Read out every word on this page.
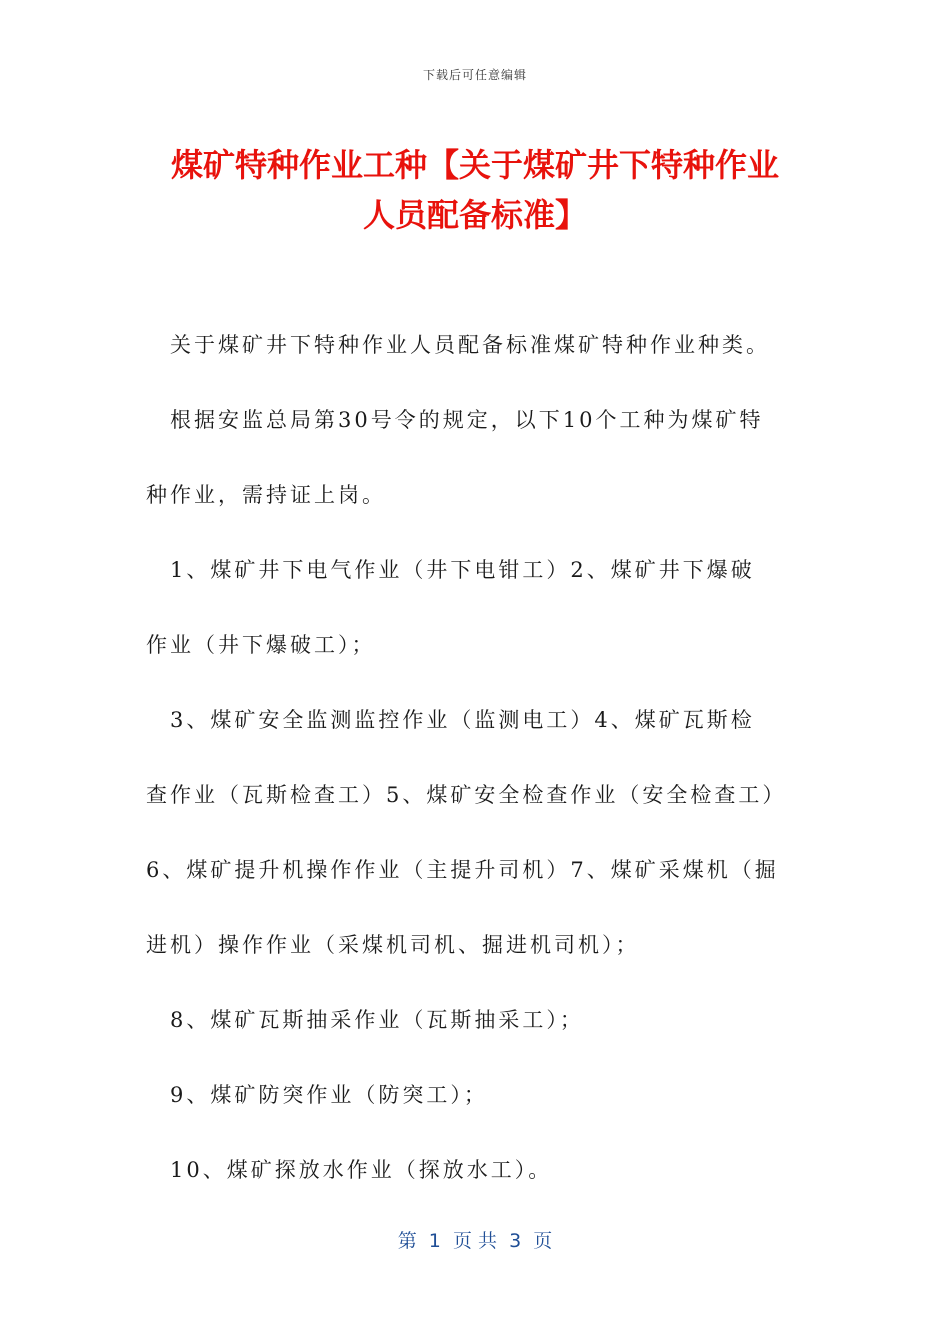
下载后可任意编辑
煤矿特种作业工种【关于煤矿井下特种作业
人员配备标准】

　关于煤矿井下特种作业人员配备标准煤矿特种作业种类。

　根据安监总局第30号令的规定，以下10个工种为煤矿特

种作业，需持证上岗。

　1、煤矿井下电气作业（井下电钳工）2、煤矿井下爆破

作业（井下爆破工）；

　3、煤矿安全监测监控作业（监测电工）4、煤矿瓦斯检

查作业（瓦斯检查工）5、煤矿安全检查作业（安全检查工）

6、煤矿提升机操作作业（主提升司机）7、煤矿采煤机（掘

进机）操作作业（采煤机司机、掘进机司机）；

　8、煤矿瓦斯抽采作业（瓦斯抽采工）；

　9、煤矿防突作业（防突工）；

　10、煤矿探放水作业（探放水工）。

第  1  页 共  3  页
